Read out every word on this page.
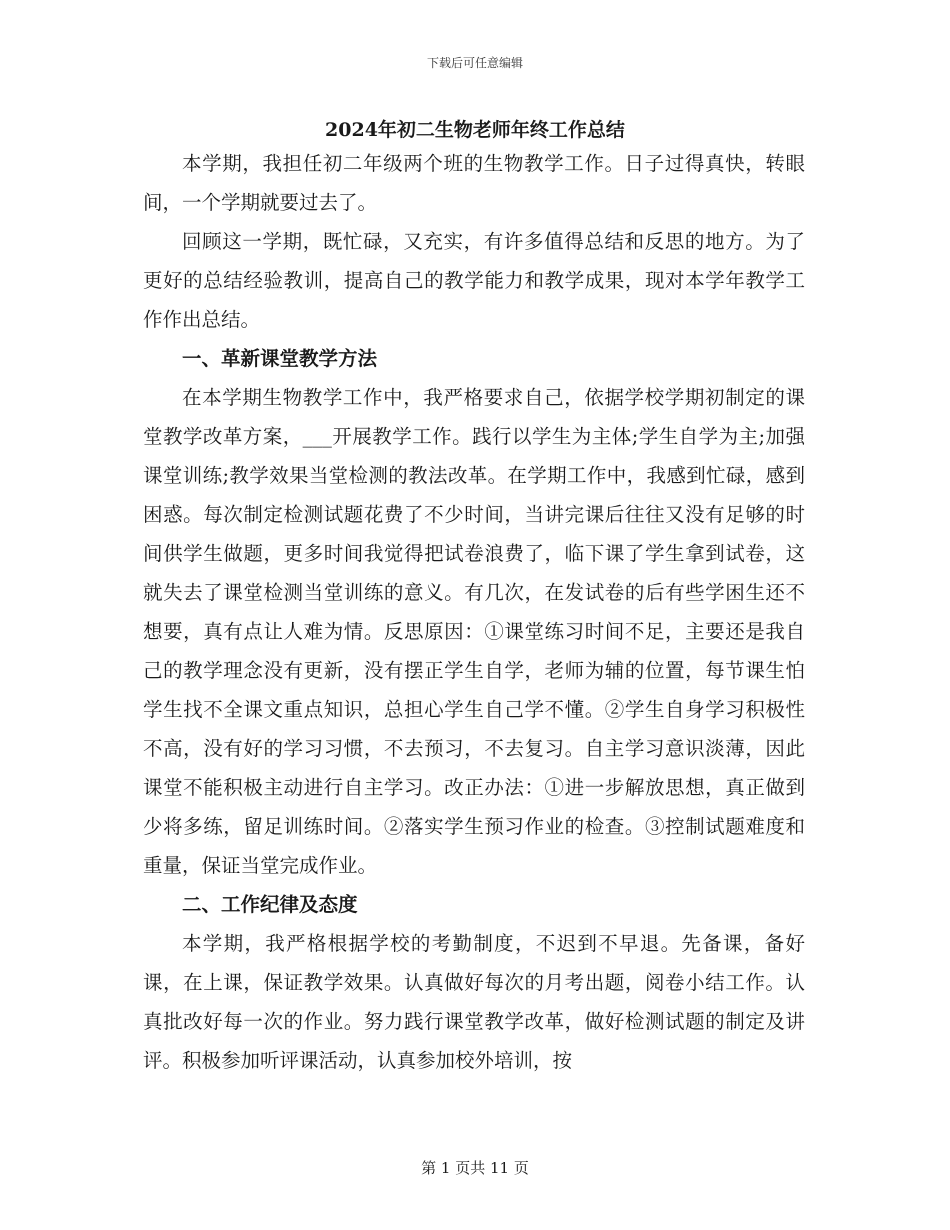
下载后可任意编辑
2024年初二生物老师年终工作总结

本学期，我担任初二年级两个班的生物教学工作。日子过得真快，转眼间，一个学期就要过去了。

回顾这一学期，既忙碌，又充实，有许多值得总结和反思的地方。为了更好的总结经验教训，提高自己的教学能力和教学成果，现对本学年教学工作作出总结。

一、革新课堂教学方法

在本学期生物教学工作中，我严格要求自己，依据学校学期初制定的课堂教学改革方案，___开展教学工作。践行以学生为主体;学生自学为主;加强课堂训练;教学效果当堂检测的教法改革。在学期工作中，我感到忙碌，感到困惑。每次制定检测试题花费了不少时间，当讲完课后往往又没有足够的时间供学生做题，更多时间我觉得把试卷浪费了，临下课了学生拿到试卷，这就失去了课堂检测当堂训练的意义。有几次，在发试卷的后有些学困生还不想要，真有点让人难为情。反思原因：①课堂练习时间不足，主要还是我自己的教学理念没有更新，没有摆正学生自学，老师为辅的位置，每节课生怕学生找不全课文重点知识，总担心学生自己学不懂。②学生自身学习积极性不高，没有好的学习习惯，不去预习，不去复习。自主学习意识淡薄，因此课堂不能积极主动进行自主学习。改正办法：①进一步解放思想，真正做到少将多练，留足训练时间。②落实学生预习作业的检查。③控制试题难度和重量，保证当堂完成作业。

二、工作纪律及态度

本学期，我严格根据学校的考勤制度，不迟到不早退。先备课，备好课，在上课，保证教学效果。认真做好每次的月考出题，阅卷小结工作。认真批改好每一次的作业。努力践行课堂教学改革，做好检测试题的制定及讲评。积极参加听评课活动，认真参加校外培训，按

第 1 页共 11 页
